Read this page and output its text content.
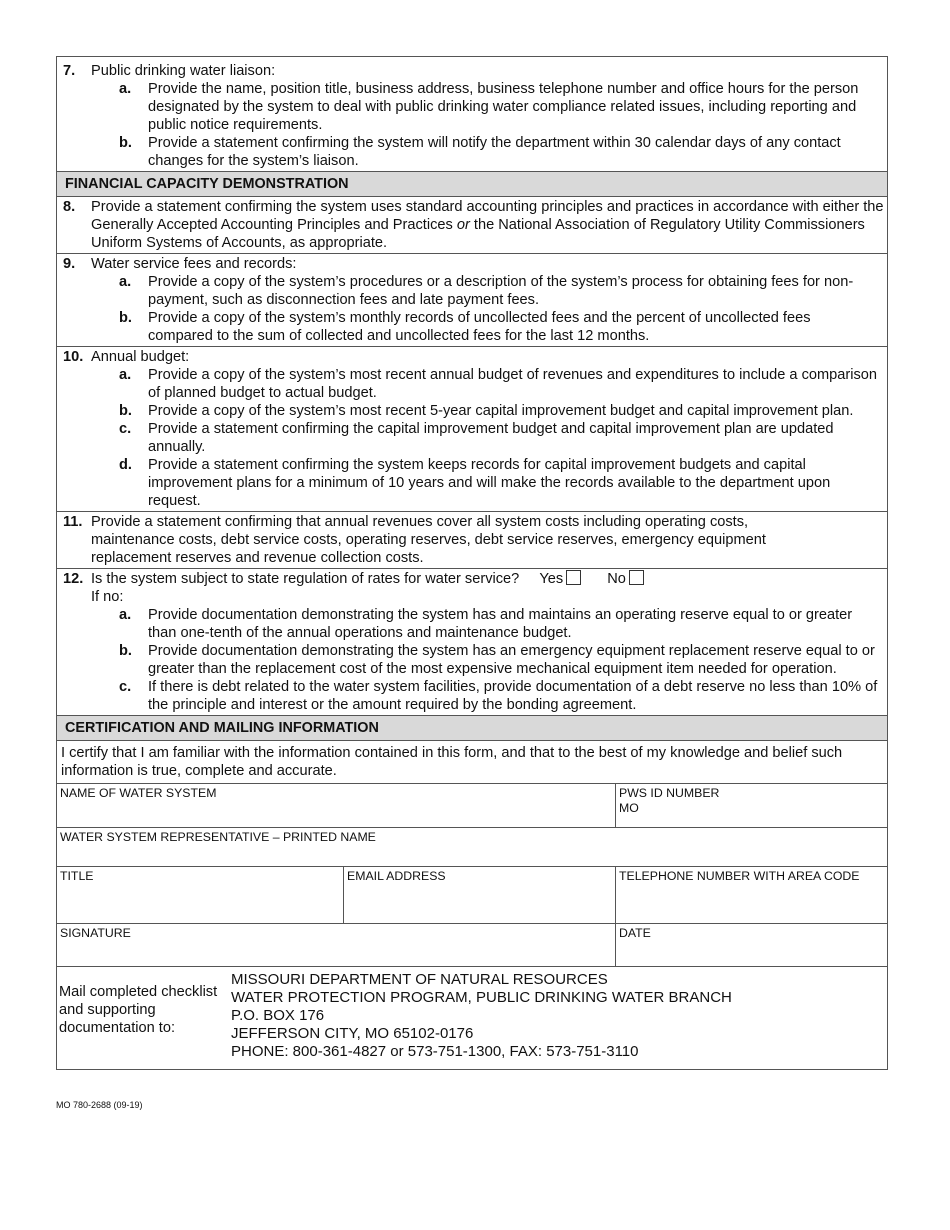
7.	Public drinking water liaison:
a.	Provide the name, position title, business address, business telephone number and office hours for the person designated by the system to deal with public drinking water compliance related issues, including reporting and public notice requirements.
b.	Provide a statement confirming the system will notify the department within 30 calendar days of any contact changes for the system’s liaison.
FINANCIAL CAPACITY DEMONSTRATION
8.	Provide a statement confirming the system uses standard accounting principles and practices in accordance with either the Generally Accepted Accounting Principles and Practices or the National Association of Regulatory Utility Commissioners Uniform Systems of Accounts, as appropriate.
9.	Water service fees and records:
a.	Provide a copy of the system’s procedures or a description of the system’s process for obtaining fees for non-payment, such as disconnection fees and late payment fees.
b.	Provide a copy of the system’s monthly records of uncollected fees and the percent of uncollected fees compared to the sum of collected and uncollected fees for the last 12 months.
10. Annual budget:
a.	Provide a copy of the system’s most recent annual budget of revenues and expenditures to include a comparison of planned budget to actual budget.
b.	Provide a copy of the system’s most recent 5-year capital improvement budget and capital improvement plan.
c.	Provide a statement confirming the capital improvement budget and capital improvement plan are updated annually.
d.	Provide a statement confirming the system keeps records for capital improvement budgets and capital improvement plans for a minimum of 10 years and will make the records available to the department upon request.
11. Provide a statement confirming that annual revenues cover all system costs including operating costs, maintenance costs, debt service costs, operating reserves, debt service reserves, emergency equipment replacement reserves and revenue collection costs.
12. Is the system subject to state regulation of rates for water service? Yes	No
If no:
a.	Provide documentation demonstrating the system has and maintains an operating reserve equal to or greater than one-tenth of the annual operations and maintenance budget.
b.	Provide documentation demonstrating the system has an emergency equipment replacement reserve equal to or greater than the replacement cost of the most expensive mechanical equipment item needed for operation.
c.	If there is debt related to the water system facilities, provide documentation of a debt reserve no less than 10% of the principle and interest or the amount required by the bonding agreement.
CERTIFICATION AND MAILING INFORMATION
I certify that I am familiar with the information contained in this form, and that to the best of my knowledge and belief such information is true, complete and accurate.
NAME OF WATER SYSTEM	PWS ID NUMBER
MO
WATER SYSTEM REPRESENTATIVE – PRINTED NAME
TITLE	EMAIL ADDRESS	TELEPHONE NUMBER WITH AREA CODE
SIGNATURE	DATE
Mail completed checklist
and supporting
documentation to:
MISSOURI DEPARTMENT OF NATURAL RESOURCES
WATER PROTECTION PROGRAM, PUBLIC DRINKING WATER BRANCH
P.O. BOX 176
JEFFERSON CITY, MO 65102-0176
PHONE: 800-361-4827 or 573-751-1300, FAX: 573-751-3110
MO 780-2688 (09-19)
